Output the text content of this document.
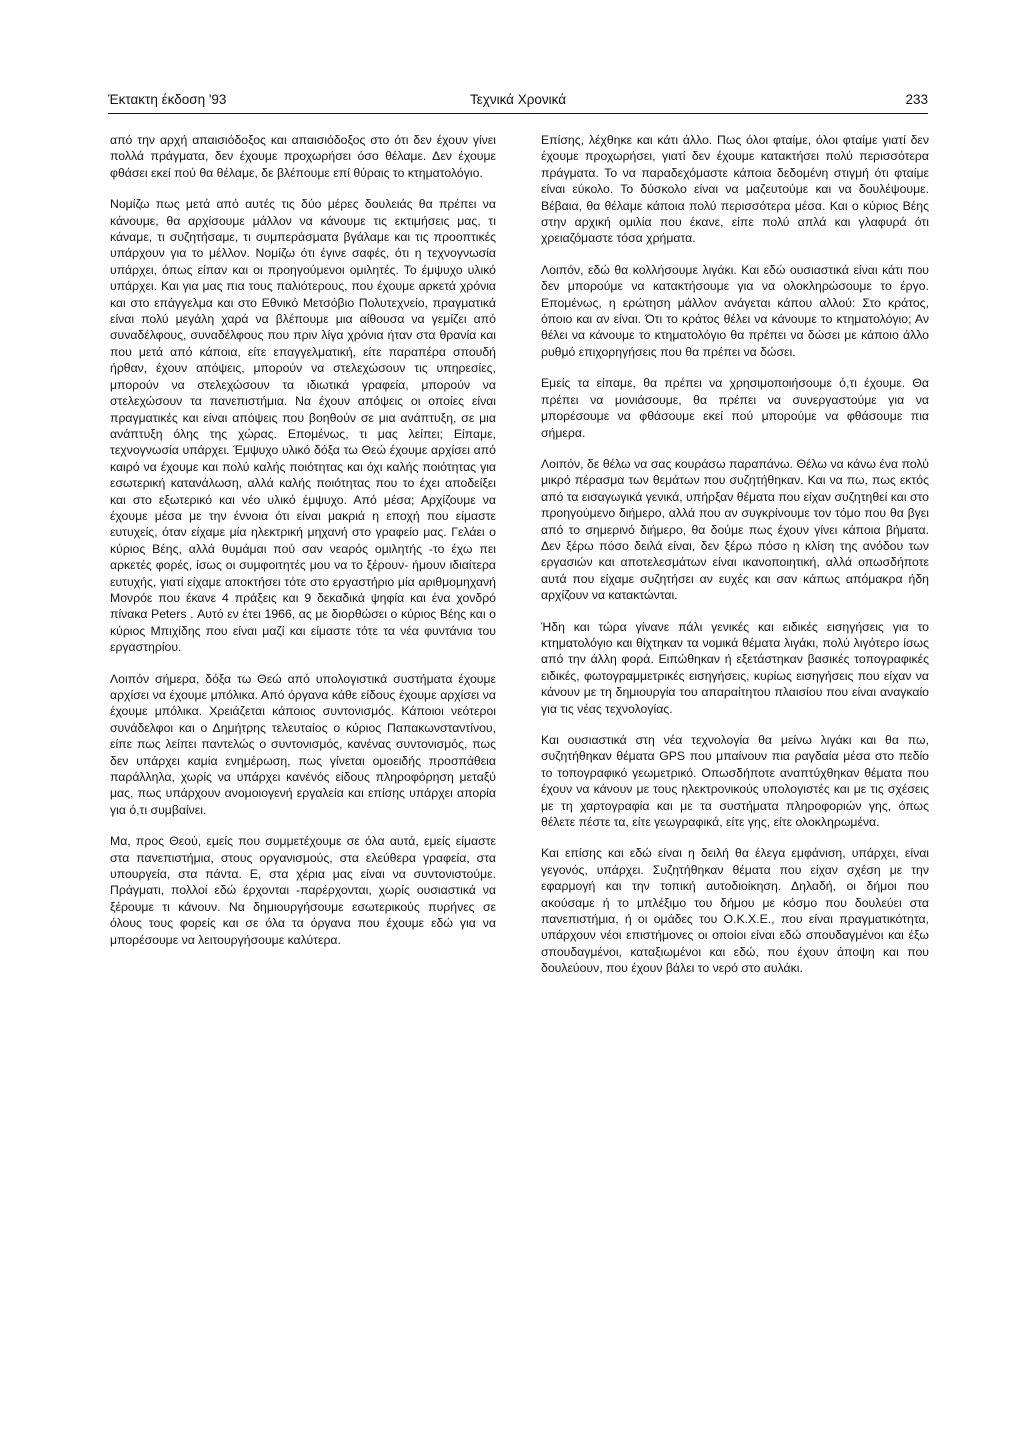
Έκτακτη έκδοση '93	Τεχνικά Χρονικά	233

από την αρχή απαισιόδοξος και απαισιόδοξος στο ότι δεν έχουν γίνει πολλά πράγματα, δεν έχουμε προχωρήσει όσο θέλαμε. Δεν έχουμε φθάσει εκεί πού θα θέλαμε, δε βλέπουμε επί θύραις το κτηματολόγιο.

Νομίζω πως μετά από αυτές τις δύο μέρες δουλειάς θα πρέπει να κάνουμε, θα αρχίσουμε μάλλον να κάνουμε τις εκτιμήσεις μας, τι κάναμε, τι συζητήσαμε, τι συμπεράσματα βγάλαμε και τις προοπτικές υπάρχουν για το μέλλον. Νομίζω ότι έγινε σαφές, ότι η τεχνογνωσία υπάρχει, όπως είπαν και οι προηγούμενοι ομιλητές. Το έμψυχο υλικό υπάρχει. Και για μας πια τους παλιότερους, που έχουμε αρκετά χρόνια και στο επάγγελμα και στο Εθνικό Μετσόβιο Πολυτεχνείο, πραγματικά είναι πολύ μεγάλη χαρά να βλέπουμε μια αίθουσα να γεμίζει από συναδέλφους, συναδέλφους που πριν λίγα χρόνια ήταν στα θρανία και που μετά από κάποια, είτε επαγγελματική, είτε παραπέρα σπουδή ήρθαν, έχουν απόψεις, μπορούν να στελεχώσουν τις υπηρεσίες, μπορούν να στελεχώσουν τα ιδιωτικά γραφεία, μπορούν να στελεχώσουν τα πανεπιστήμια. Να έχουν απόψεις οι οποίες είναι πραγματικές και είναι απόψεις που βοηθούν σε μια ανάπτυξη, σε μια ανάπτυξη όλης της χώρας. Επομένως, τι μας λείπει; Είπαμε, τεχνογνωσία υπάρχει. Έμψυχο υλικό δόξα τω Θεώ έχουμε αρχίσει από καιρό να έχουμε και πολύ καλής ποιότητας και όχι καλής ποιότητας για εσωτερική κατανάλωση, αλλά καλής ποιότητας που το έχει αποδείξει και στο εξωτερικό και νέο υλικό έμψυχο. Από μέσα; Αρχίζουμε να έχουμε μέσα με την έννοια ότι είναι μακριά η εποχή που είμαστε ευτυχείς, όταν είχαμε μία ηλεκτρική μηχανή στο γραφείο μας. Γελάει ο κύριος Βέης, αλλά θυμάμαι πού σαν νεαρός ομιλητής -το έχω πει αρκετές φορές, ίσως οι συμφοιτητές μου να το ξέρουν- ήμουν ιδιαίτερα ευτυχής, γιατί είχαμε αποκτήσει τότε στο εργαστήριο μία αριθμομηχανή Μονρόε που έκανε 4 πράξεις και 9 δεκαδικά ψηφία και ένα χονδρό πίνακα Peters . Αυτό εν έτει 1966, ας με διορθώσει ο κύριος Βέης και ο κύριος Μπιχίδης που είναι μαζί και είμαστε τότε τα νέα φυντάνια του εργαστηρίου.

Λοιπόν σήμερα, δόξα τω Θεώ από υπολογιστικά συστήματα έχουμε αρχίσει να έχουμε μπόλικα. Από όργανα κάθε είδους έχουμε αρχίσει να έχουμε μπόλικα. Χρειάζεται κάποιος συντονισμός. Κάποιοι νεότεροι συνάδελφοι και ο Δημήτρης τελευταίος ο κύριος Παπακωνσταντίνου, είπε πως λείπει παντελώς ο συντονισμός, κανένας συντονισμός, πως δεν υπάρχει καμία ενημέρωση, πως γίνεται ομοειδής προσπάθεια παράλληλα, χωρίς να υπάρχει κανένός είδους πληροφόρηση μεταξύ μας, πως υπάρχουν ανομοιογενή εργαλεία και επίσης υπάρχει απορία για ό,τι συμβαίνει.

Μα, προς Θεού, εμείς που συμμετέχουμε σε όλα αυτά, εμείς είμαστε στα πανεπιστήμια, στους οργανισμούς, στα ελεύθερα γραφεία, στα υπουργεία, στα πάντα. Ε, στα χέρια μας είναι να συντονιστούμε. Πράγματι, πολλοί εδώ έρχονται -παρέρχονται, χωρίς ουσιαστικά να ξέρουμε τι κάνουν. Να δημιουργήσουμε εσωτερικούς πυρήνες σε όλους τους φορείς και σε όλα τα όργανα που έχουμε εδώ για να μπορέσουμε να λειτουργήσουμε καλύτερα.

Επίσης, λέχθηκε και κάτι άλλο. Πως όλοι φταίμε, όλοι φταίμε γιατί δεν έχουμε προχωρήσει, γιατί δεν έχουμε κατακτήσει πολύ περισσότερα πράγματα. Το να παραδεχόμαστε κάποια δεδομένη στιγμή ότι φταίμε είναι εύκολο. Το δύσκολο είναι να μαζευτούμε και να δουλέψουμε. Βέβαια, θα θέλαμε κάποια πολύ περισσότερα μέσα. Και ο κύριος Βέης στην αρχική ομιλία που έκανε, είπε πολύ απλά και γλαφυρά ότι χρειαζόμαστε τόσα χρήματα.

Λοιπόν, εδώ θα κολλήσουμε λιγάκι. Και εδώ ουσιαστικά είναι κάτι που δεν μπορούμε να κατακτήσουμε για να ολοκληρώσουμε το έργο. Επομένως, η ερώτηση μάλλον ανάγεται κάπου αλλού: Στο κράτος, όποιο και αν είναι. Ότι το κράτος θέλει να κάνουμε το κτηματολόγιο; Αν θέλει να κάνουμε το κτηματολόγιο θα πρέπει να δώσει με κάποιο άλλο ρυθμό επιχορηγήσεις που θα πρέπει να δώσει.

Εμείς τα είπαμε, θα πρέπει να χρησιμοποιήσουμε ό,τι έχουμε. Θα πρέπει να μονιάσουμε, θα πρέπει να συνεργαστούμε για να μπορέσουμε να φθάσουμε εκεί πού μπορούμε να φθάσουμε πια σήμερα.

Λοιπόν, δε θέλω να σας κουράσω παραπάνω. Θέλω να κάνω ένα πολύ μικρό πέρασμα των θεμάτων που συζητήθηκαν. Και να πω, πως εκτός από τα εισαγωγικά γενικά, υπήρξαν θέματα που είχαν συζητηθεί και στο προηγούμενο διήμερο, αλλά που αν συγκρίνουμε τον τόμο που θα βγει από το σημερινό διήμερο, θα δούμε πως έχουν γίνει κάποια βήματα. Δεν ξέρω πόσο δειλά είναι, δεν ξέρω πόσο η κλίση της ανόδου των εργασιών και αποτελεσμάτων είναι ικανοποιητική, αλλά οπωσδήποτε αυτά που είχαμε συζητήσει αν ευχές και σαν κάπως απόμακρα ήδη αρχίζουν να κατακτώνται.

Ήδη και τώρα γίνανε πάλι γενικές και ειδικές εισηγήσεις για το κτηματολόγιο και θίχτηκαν τα νομικά θέματα λιγάκι, πολύ λιγότερο ίσως από την άλλη φορά. Ειπώθηκαν ή εξετάστηκαν βασικές τοπογραφικές ειδικές, φωτογραμμετρικές εισηγήσεις, κυρίως εισηγήσεις που είχαν να κάνουν με τη δημιουργία του απαραίτητου πλαισίου που είναι αναγκαίο για τις νέας τεχνολογίας.

Και ουσιαστικά στη νέα τεχνολογία θα μείνω λιγάκι και θα πω, συζητήθηκαν θέματα GPS που μπαίνουν πια ραγδαία μέσα στο πεδίο το τοπογραφικό γεωμετρικό. Οπωσδήποτε αναπτύχθηκαν θέματα που έχουν να κάνουν με τους ηλεκτρονικούς υπολογιστές και με τις σχέσεις με τη χαρτογραφία και με τα συστήματα πληροφοριών γης, όπως θέλετε πέστε τα, είτε γεωγραφικά, είτε γης, είτε ολοκληρωμένα.

Και επίσης και εδώ είναι η δειλή θα έλεγα εμφάνιση, υπάρχει, είναι γεγονός, υπάρχει. Συζητήθηκαν θέματα που είχαν σχέση με την εφαρμογή και την τοπική αυτοδιοίκηση. Δηλαδή, οι δήμοι που ακούσαμε ή το μπλέξιμο του δήμου με κόσμο που δουλεύει στα πανεπιστήμια, ή οι ομάδες του Ο.Κ.Χ.Ε., που είναι πραγματικότητα, υπάρχουν νέοι επιστήμονες οι οποίοι είναι εδώ σπουδαγμένοι και έξω σπουδαγμένοι, καταξιωμένοι και εδώ, που έχουν άποψη και που δουλεύουν, που έχουν βάλει το νερό στο αυλάκι.
